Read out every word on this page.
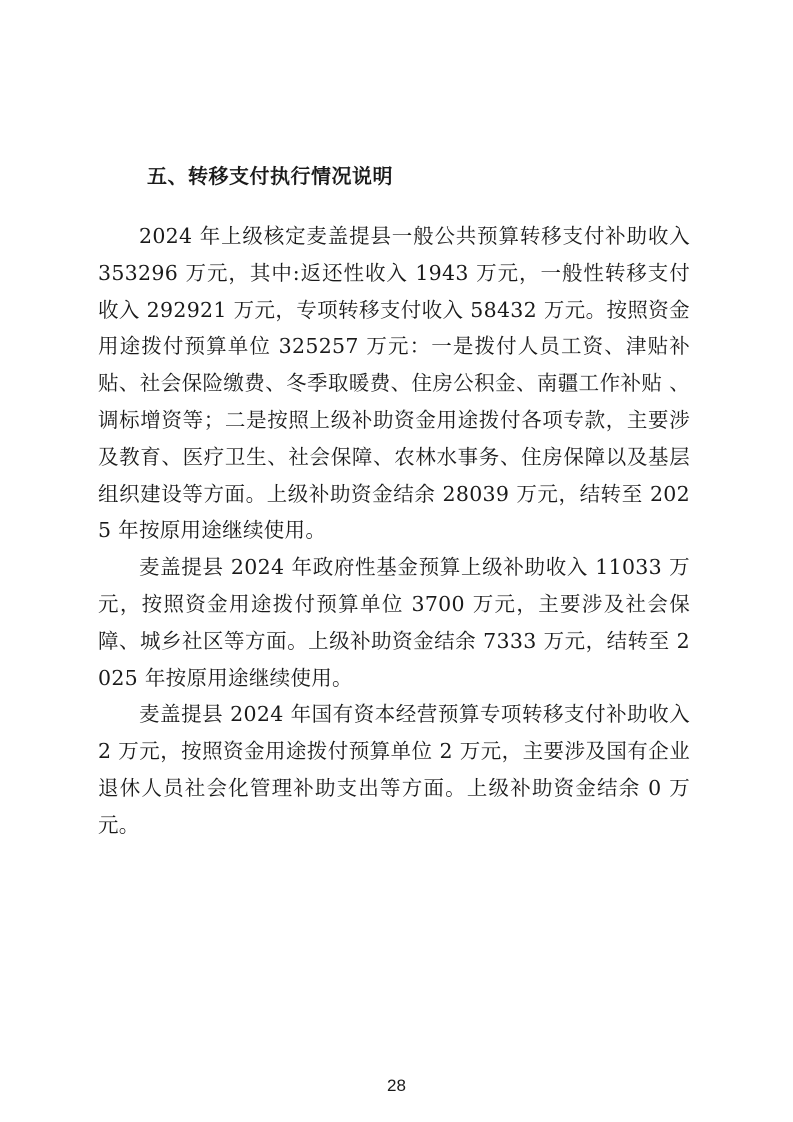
五、转移支付执行情况说明

2024 年上级核定麦盖提县一般公共预算转移支付补助收入 353296 万元，其中:返还性收入 1943 万元，一般性转移支付收入 292921 万元，专项转移支付收入 58432 万元。按照资金用途拨付预算单位 325257 万元：一是拨付人员工资、津贴补贴、社会保险缴费、冬季取暖费、住房公积金、南疆工作补贴 、调标增资等；二是按照上级补助资金用途拨付各项专款，主要涉及教育、医疗卫生、社会保障、农林水事务、住房保障以及基层组织建设等方面。上级补助资金结余 28039 万元，结转至 2025 年按原用途继续使用。

麦盖提县 2024 年政府性基金预算上级补助收入 11033 万元，按照资金用途拨付预算单位 3700 万元，主要涉及社会保障、城乡社区等方面。上级补助资金结余 7333 万元，结转至 2025 年按原用途继续使用。

麦盖提县 2024 年国有资本经营预算专项转移支付补助收入 2 万元，按照资金用途拨付预算单位 2 万元，主要涉及国有企业退休人员社会化管理补助支出等方面。上级补助资金结余 0 万元。

28
